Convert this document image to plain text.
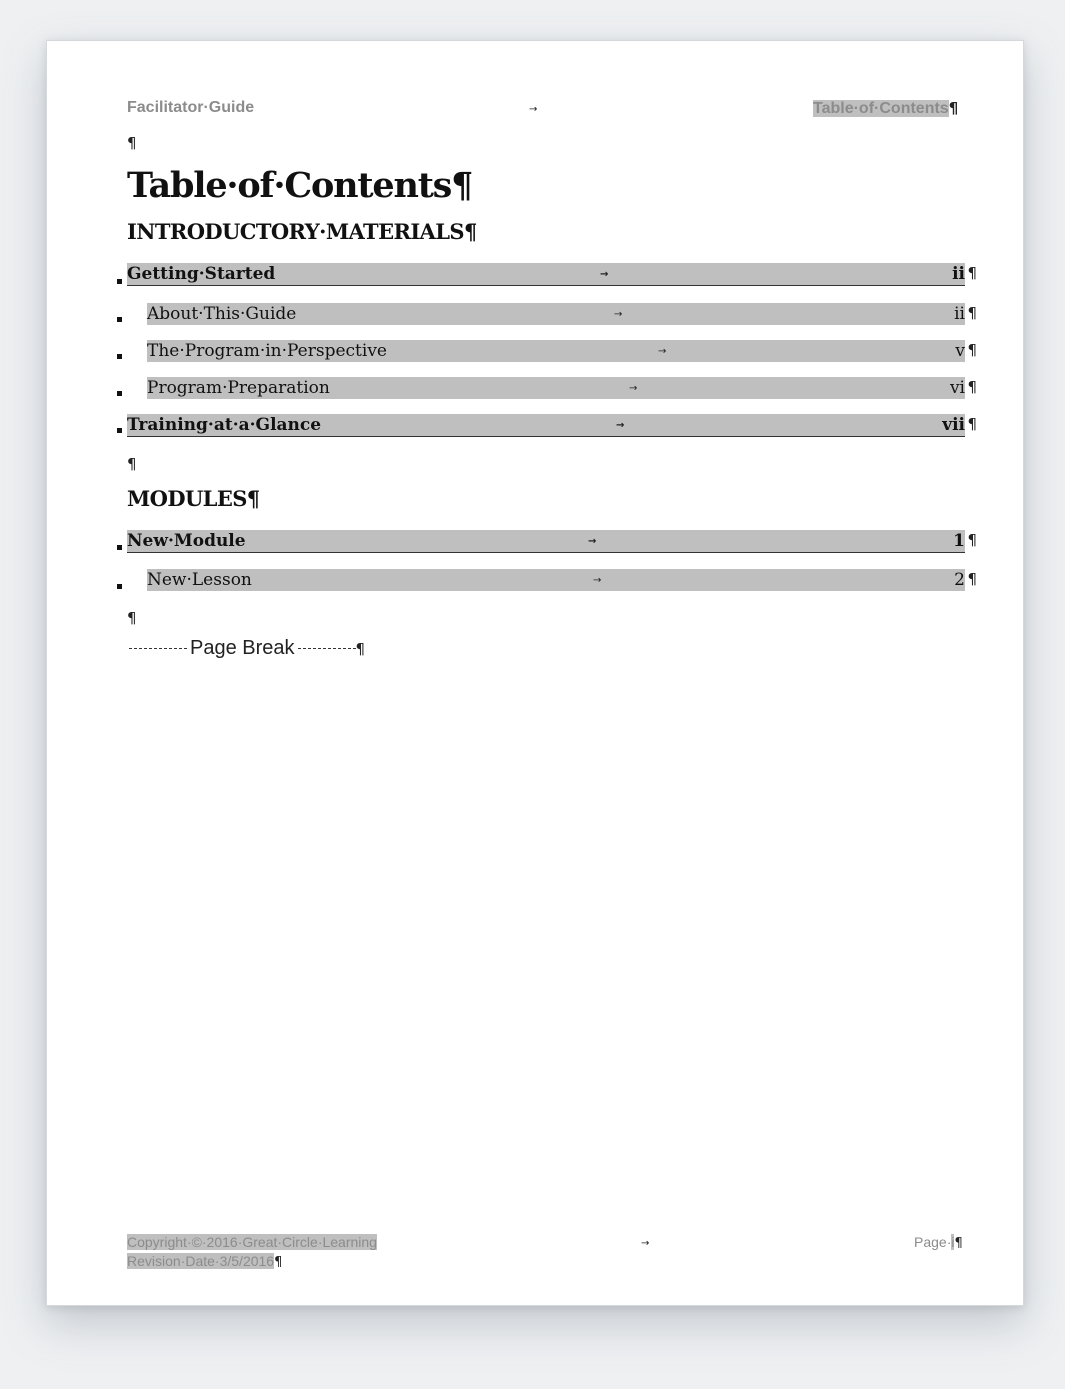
Facilitator·Guide	→	Table·of·Contents¶
¶
Table·of·Contents¶
INTRODUCTORY·MATERIALS¶
Getting·Started	→	ii ¶
About·This·Guide	→	ii ¶
The·Program·in·Perspective	→	v ¶
Program·Preparation	→	vi ¶
Training·at·a·Glance	→	vii ¶
¶
MODULES¶
New·Module	→	1 ¶
New·Lesson	→	2 ¶
¶
Page Break	¶
Copyright·©·2016·Great·Circle·Learning
Revision·Date·3/5/2016¶
→	Page·i¶
